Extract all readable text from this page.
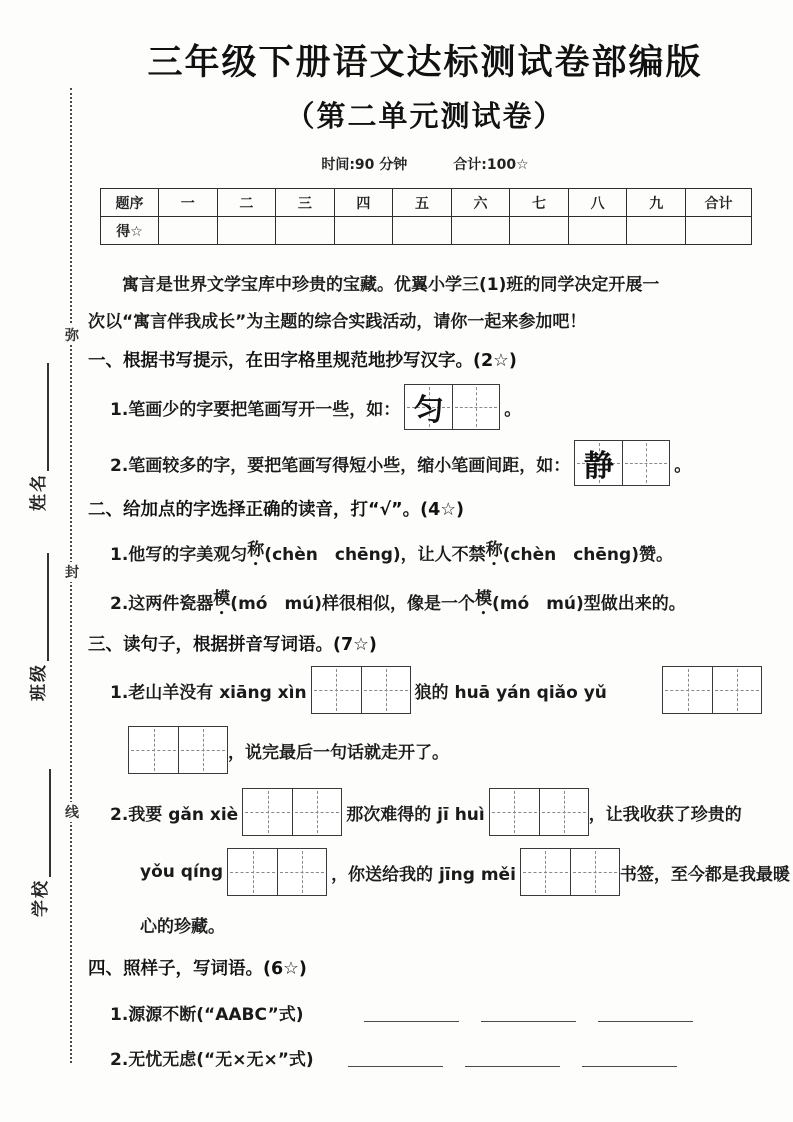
弥
封
线
姓名
班级
学校
三年级下册语文达标测试卷部编版
（第二单元测试卷）
时间:90 分钟	合计:100☆
题序	一	二	三	四	五	六	七	八	九	合计
得☆										
寓言是世界文学宝库中珍贵的宝藏。优翼小学三(1)班的同学决定开展一
次以“寓言伴我成长”为主题的综合实践活动，请你一起来参加吧！
一、根据书写提示，在田字格里规范地抄写汉字。(2☆)
1.笔画少的字要把笔画写开一些，如： 匀	。
2.笔画较多的字，要把笔画写得短小些，缩小笔画间距，如： 静	。
二、给加点的字选择正确的读音，打“√”。(4☆)
1.他写的字美观匀 称 (chèn　chēng)，让人不禁 称 (chèn　chēng)赞。
2.这两件瓷器 模 (mó　mú)样很相似，像是一个 模 (mó　mú)型做出来的。
三、读句子，根据拼音写词语。(7☆)
1.老山羊没有 xiāng xìn	狼的 huā yán qiǎo yǔ
，说完最后一句话就走开了。
2.我要 gǎn xiè	那次难得的 jī huì	，让我收获了珍贵的
yǒu qíng	，你送给我的 jīng měi	书签，至今都是我最暖
心的珍藏。
四、照样子，写词语。(6☆)
1.源源不断(“AABC”式)
2.无忧无虑(“无×无×”式)
